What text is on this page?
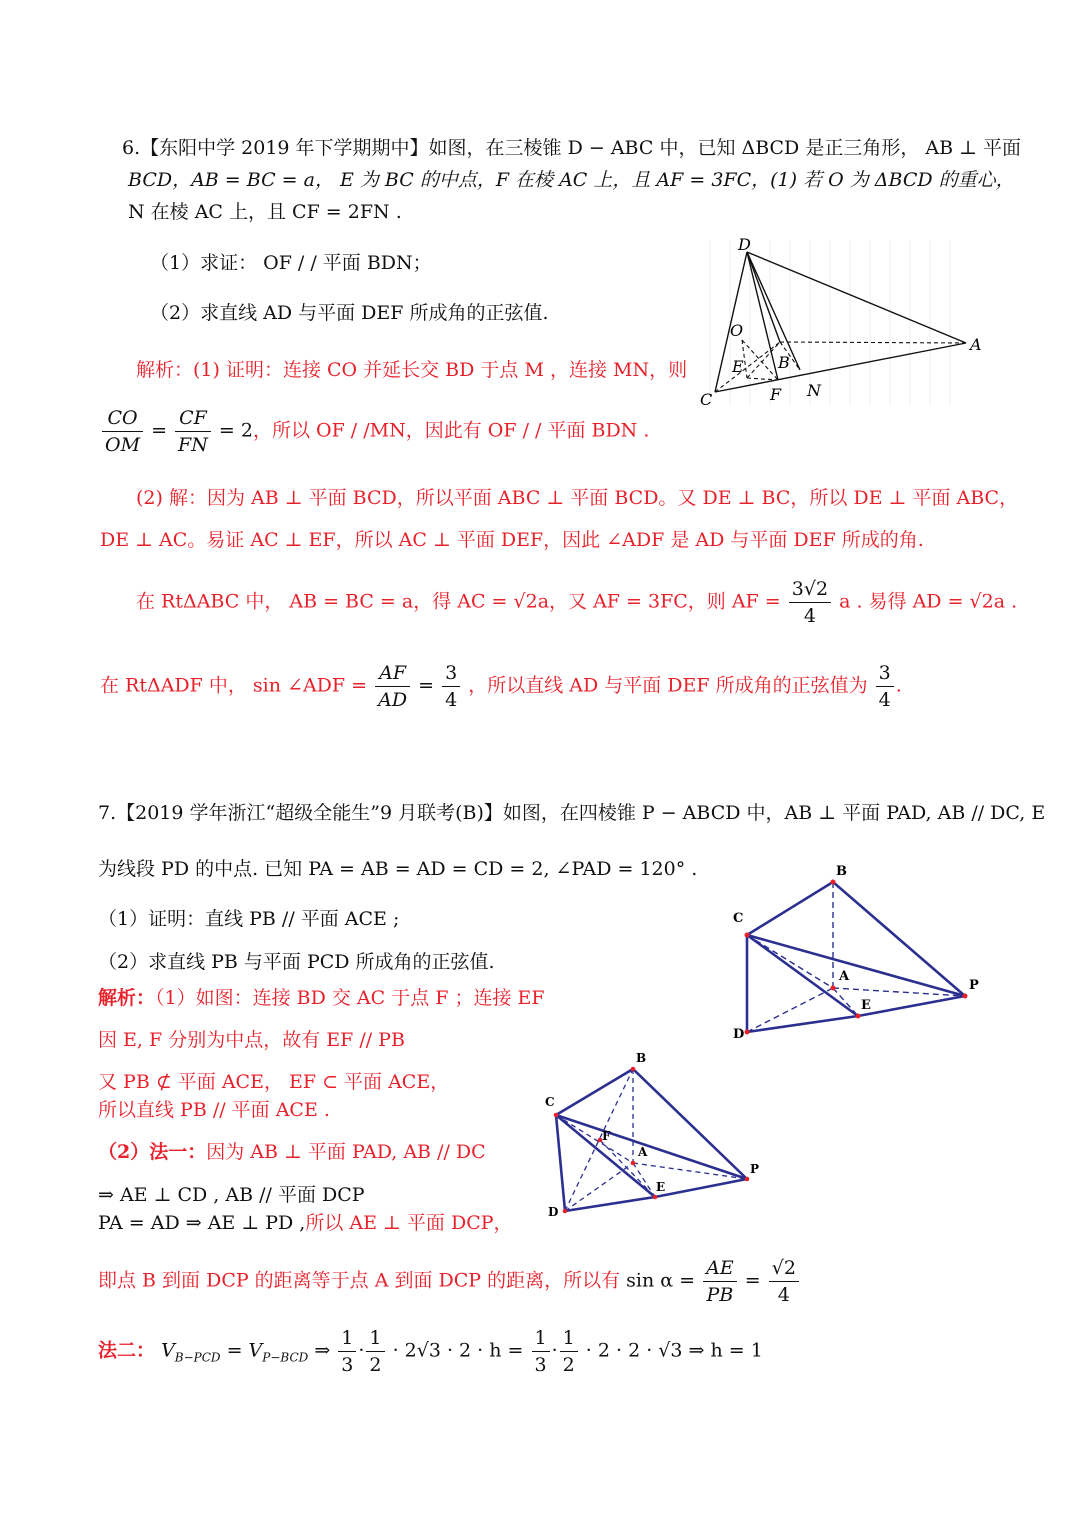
6.【东阳中学 2019 年下学期期中】如图，在三棱锥 D − ABC 中，已知 ΔBCD 是正三角形， AB ⊥ 平面
BCD，AB = BC = a， E 为 BC 的中点，F 在棱 AC 上，且 AF = 3FC，(1) 若 O 为 ΔBCD 的重心，
N 在棱 AC 上，且 CF = 2FN .
（1）求证： OF / / 平面 BDN；
（2）求直线 AD 与平面 DEF 所成角的正弦值.
解析：(1) 证明：连接 CO 并延长交 BD 于点 M ，连接 MN，则
$\frac{CO}{OM} = \frac{CF}{FN} = 2$，所以 OF / /MN，因此有 OF / / 平面 BDN .
(2) 解：因为 AB ⊥ 平面 BCD，所以平面 ABC ⊥ 平面 BCD。又 DE ⊥ BC，所以 DE ⊥ 平面 ABC，
DE ⊥ AC。易证 AC ⊥ EF，所以 AC ⊥ 平面 DEF，因此 ∠ADF 是 AD 与平面 DEF 所成的角.
在 RtΔABC 中， AB = BC = a，得 AC = √2a，又 AF = 3FC，则 AF = $\frac{3√2}{4}$ a . 易得 AD = √2a .
在 RtΔADF 中， sin ∠ADF = $\frac{AF}{AD} = \frac{3}{4}$ ，所以直线 AD 与平面 DEF 所成角的正弦值为 $\frac{3}{4}$ .
D
A
O
E B
C	F N
7.【2019 学年浙江“超级全能生”9 月联考(B)】如图，在四棱锥 P − ABCD 中，AB ⊥ 平面 PAD, AB // DC, E
为线段 PD 的中点. 已知 PA = AB = AD = CD = 2, ∠PAD = 120° .
（1）证明：直线 PB // 平面 ACE ;
（2）求直线 PB 与平面 PCD 所成角的正弦值.
解析：（1）如图：连接 BD 交 AC 于点 F ；连接 EF
因 E, F 分别为中点，故有 EF // PB
又 PB ⊄ 平面 ACE， EF ⊂ 平面 ACE，
所以直线 PB // 平面 ACE .
（2）法一：因为 AB ⊥ 平面 PAD, AB // DC
⇒ AE ⊥ CD , AB // 平面 DCP
PA = AD ⇒ AE ⊥ PD ,所以 AE ⊥ 平面 DCP，
即点 B 到面 DCP 的距离等于点 A 到面 DCP 的距离，所以有 $\sin \alpha = \frac{AE}{PB} = \frac{√2}{4}$
法二： $V_{B-PCD} = V_{P-BCD}$ ⇒ $\frac{1}{3} \cdot \frac{1}{2} \cdot 2√3 \cdot 2 \cdot h = \frac{1}{3} \cdot \frac{1}{2} \cdot 2 \cdot 2 \cdot √3$ ⇒ h = 1
B
C
A
P
E
D
B
C
F
A
P
E
D
